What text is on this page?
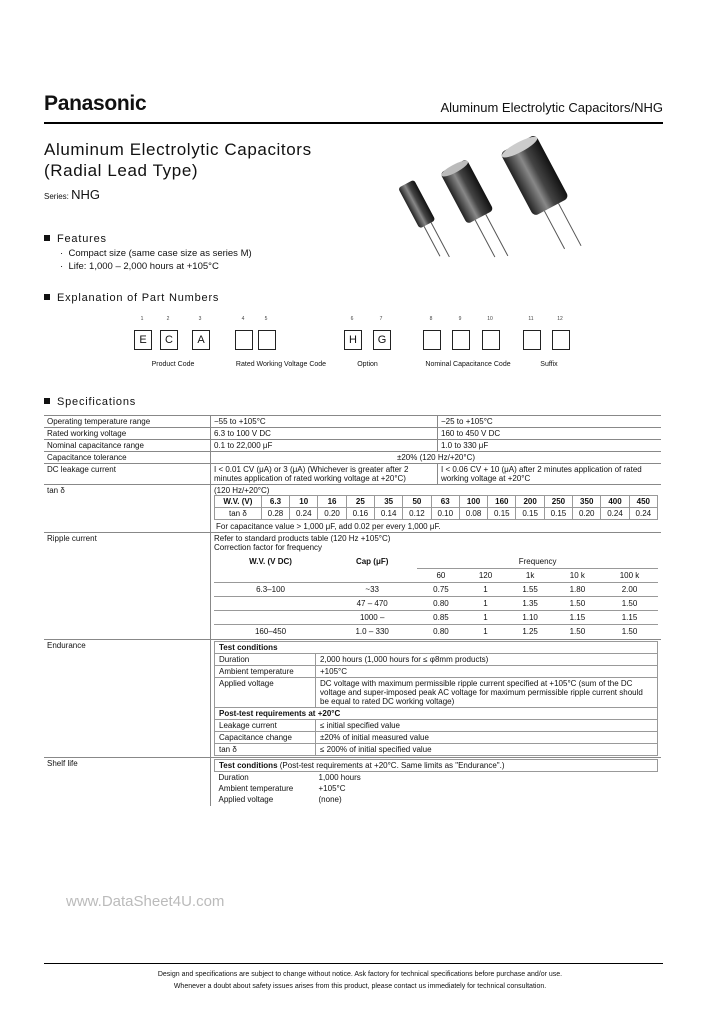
Panasonic	Aluminum Electrolytic Capacitors/NHG
Aluminum Electrolytic Capacitors
(Radial Lead Type)
Series: NHG
Features
·  Compact size (same case size as series M)
·  Life: 1,000 – 2,000 hours at +105°C
Explanation of Part Numbers
1
E
2
C
3
A
4	5	6
H
7
G
8	9	10	11	12
Product Code	Rated Working Voltage Code	Option	Nominal Capacitance Code	Suffix
Specifications
Operating temperature range	−55 to +105°C	−25 to +105°C
Rated working voltage	6.3 to 100 V DC	160 to 450 V DC
Nominal capacitance range	0.1 to 22,000 μF	1.0 to 330 μF
Capacitance tolerance	±20% (120 Hz/+20°C)
DC leakage current	I < 0.01 CV (μA) or 3 (μA) (Whichever is greater after 2 minutes application of rated working voltage at +20°C)	I < 0.06 CV + 10 (μA) after 2 minutes application of rated working voltage at +20°C
tan δ	(120 Hz/+20°C)
W.V. (V)	6.3	10	16	25	35	50	63	100	160	200	250	350	400	450
tan δ	0.28	0.24	0.20	0.16	0.14	0.12	0.10	0.08	0.15	0.15	0.15	0.20	0.24	0.24
For capacitance value > 1,000 μF, add 0.02 per every 1,000 μF.

Ripple current	Refer to standard products table (120 Hz +105°C)
Correction factor for frequency
W.V. (V DC)	Cap (μF)	Frequency
60	120	1k	10 k	100 k
6.3–100	~33	0.75	1	1.55	1.80	2.00
	47 – 470	0.80	1	1.35	1.50	1.50
	1000 –	0.85	1	1.10	1.15	1.15
160–450	1.0 – 330	0.80	1	1.25	1.50	1.50

Endurance		Test conditions
Duration	2,000 hours (1,000 hours for ≤ φ8mm products)
Ambient temperature	+105°C
Applied voltage	DC voltage with maximum permissible ripple current specified at +105°C (sum of the DC voltage and super-imposed peak AC voltage for maximum permissible ripple current should be equal to rated DC working voltage)
Post-test requirements at +20°C
Leakage current	≤ initial specified value
Capacitance change	±20% of initial measured value
tan δ	≤ 200% of initial specified value

Shelf life		Test conditions (Post-test requirements at +20°C. Same limits as "Endurance".)
Duration	1,000 hours
Ambient temperature	+105°C
Applied voltage	(none)
www.DataSheet4U.com
Design and specifications are subject to change without notice. Ask factory for technical specifications before purchase and/or use.
Whenever a doubt about safety issues arises from this product, please contact us immediately for technical consultation.
